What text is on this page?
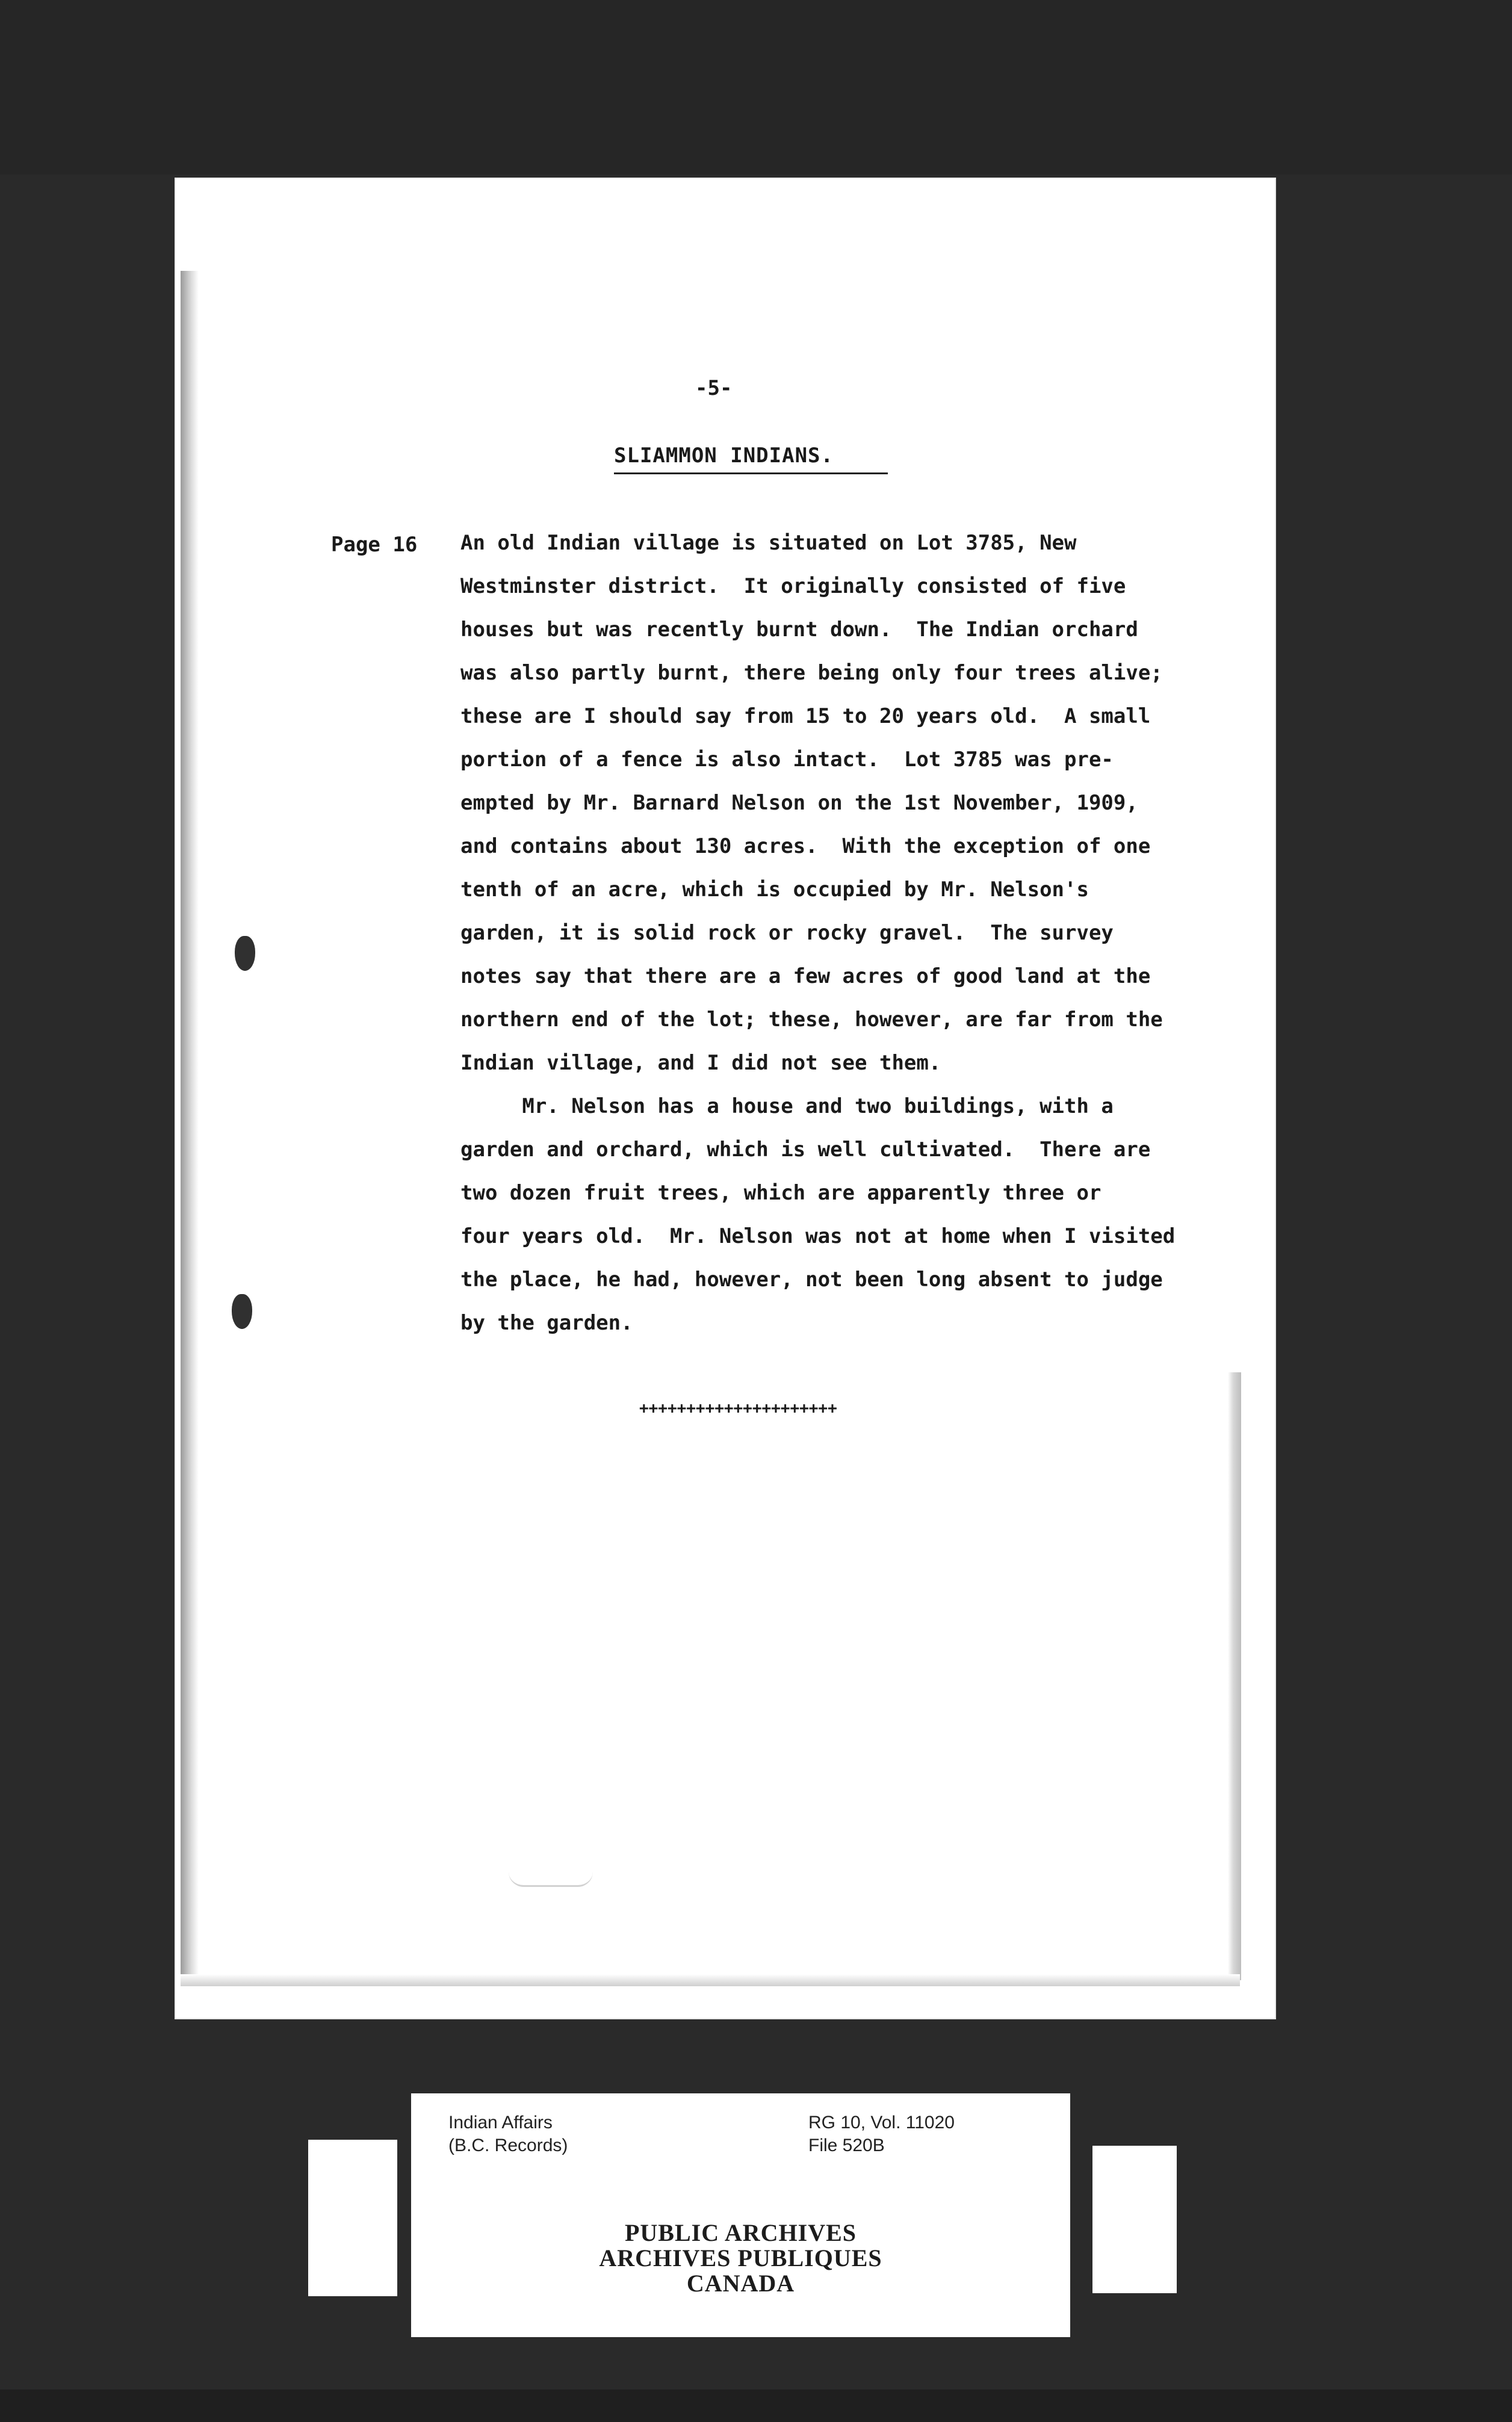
-5-
SLIAMMON INDIANS.
Page 16 An old Indian village is situated on Lot 3785, New
Westminster district.  It originally consisted of five
houses but was recently burnt down.  The Indian orchard
was also partly burnt, there being only four trees alive;
these are I should say from 15 to 20 years old.  A small
portion of a fence is also intact.  Lot 3785 was pre-
empted by Mr. Barnard Nelson on the 1st November, 1909,
and contains about 130 acres.  With the exception of one
tenth of an acre, which is occupied by Mr. Nelson's
garden, it is solid rock or rocky gravel.  The survey
notes say that there are a few acres of good land at the
northern end of the lot; these, however, are far from the
Indian village, and I did not see them.
Mr. Nelson has a house and two buildings, with a
garden and orchard, which is well cultivated.  There are
two dozen fruit trees, which are apparently three or
four years old.  Mr. Nelson was not at home when I visited
the place, he had, however, not been long absent to judge
by the garden.
+++++++++++++++++++++
Indian Affairs
(B.C. Records)
RG 10, Vol. 11020
File 520B
PUBLIC ARCHIVES
ARCHIVES PUBLIQUES
CANADA
